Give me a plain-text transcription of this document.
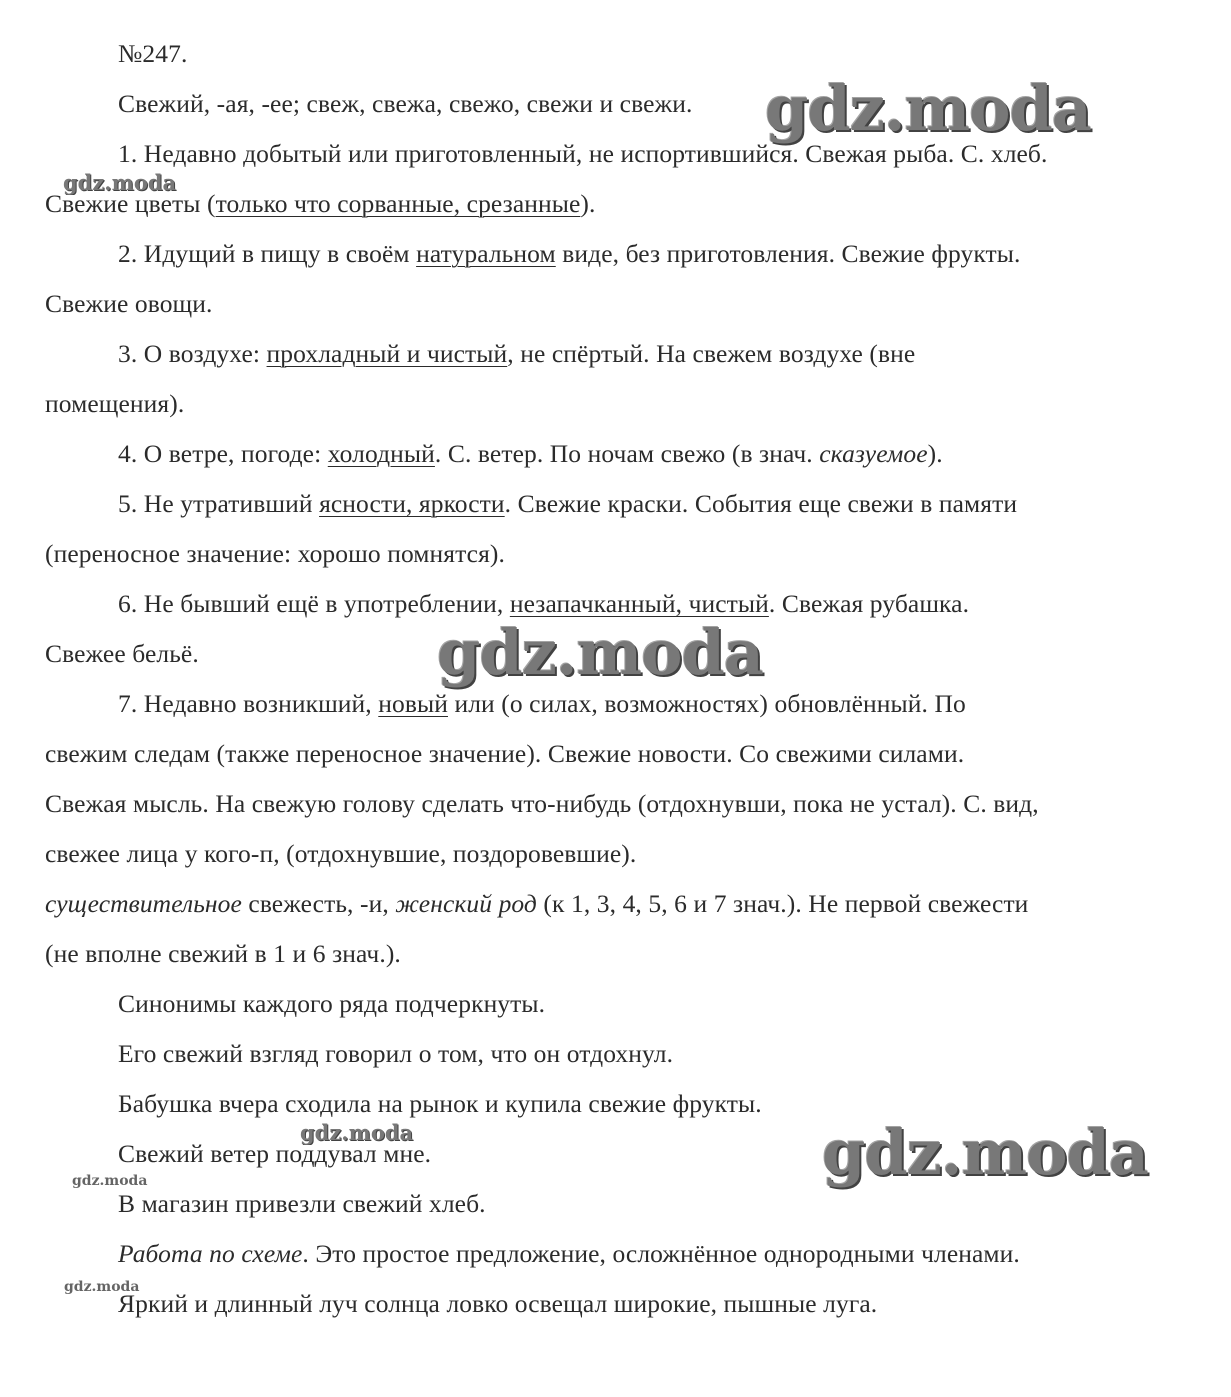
№247.
Свежий, -ая, -ее; свеж, свежа, свежо, свежи и свежи.
1. Недавно добытый или приготовленный, не испортившийся. Свежая рыба. С. хлеб.
Свежие цветы (только что сорванные, срезанные).
2. Идущий в пищу в своём натуральном виде, без приготовления. Свежие фрукты.
Свежие овощи.
3. О воздухе: прохладный и чистый, не спёртый. На свежем воздухе (вне
помещения).
4. О ветре, погоде: холодный. С. ветер. По ночам свежо (в знач. сказуемое).
5. Не утративший ясности, яркости. Свежие краски. События еще свежи в памяти
(переносное значение: хорошо помнятся).
6. Не бывший ещё в употреблении, незапачканный, чистый. Свежая рубашка.
Свежее бельё.
7. Недавно возникший, новый или (о силах, возможностях) обновлённый. По
свежим следам (также переносное значение). Свежие новости. Со свежими силами.
Свежая мысль. На свежую голову сделать что-нибудь (отдохнувши, пока не устал). С. вид,
свежее лица у кого-п, (отдохнувшие, поздоровевшие).
существительное свежесть, -и, женский род (к 1, 3, 4, 5, 6 и 7 знач.). Не первой свежести
(не вполне свежий в 1 и 6 знач.).
Синонимы каждого ряда подчеркнуты.
Его свежий взгляд говорил о том, что он отдохнул.
Бабушка вчера сходила на рынок и купила свежие фрукты.
Свежий ветер поддувал мне.
В магазин привезли свежий хлеб.
Работа по схеме. Это простое предложение, осложнённое однородными членами.
Яркий и длинный луч солнца ловко освещал широкие, пышные луга.
gdz.moda
gdz.moda
gdz.moda
gdz.moda	gdz.moda
gdz.moda
gdz.moda
